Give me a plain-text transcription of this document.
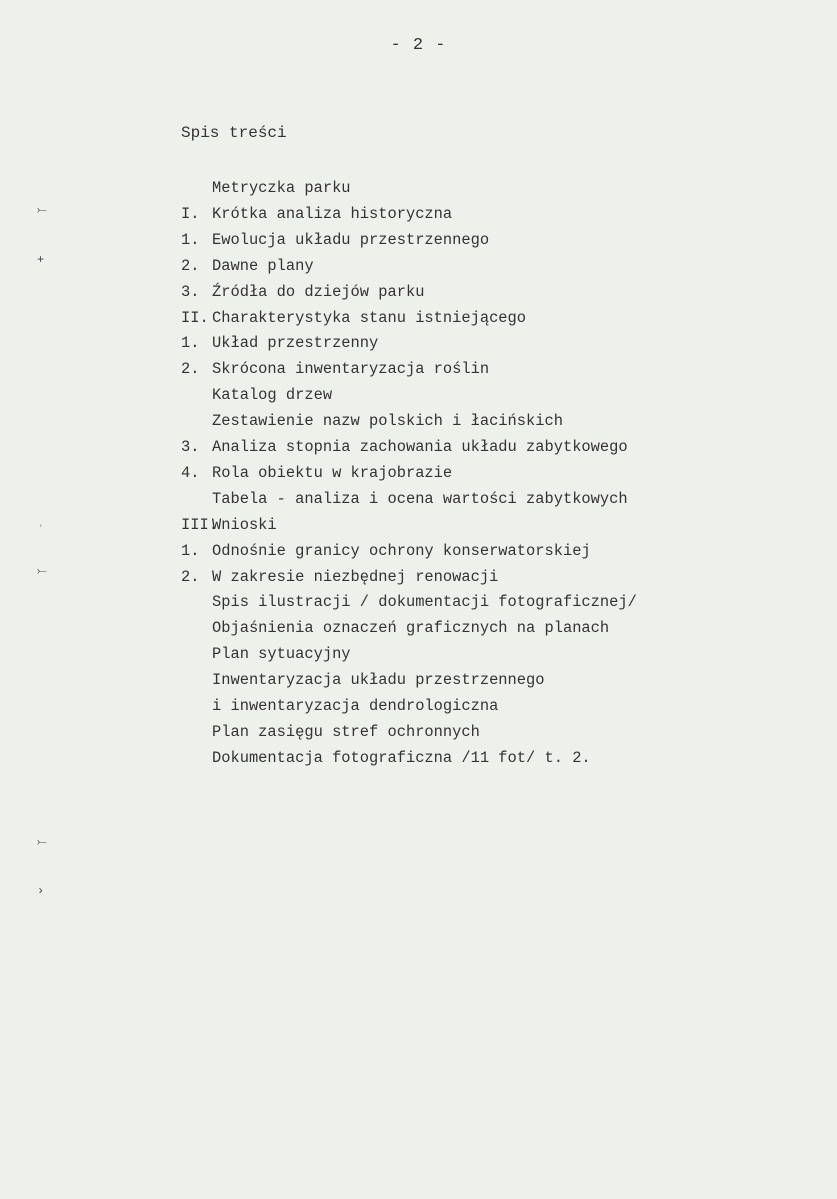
- 2 -
Spis treści
Metryczka parku
I. Krótka analiza historyczna
1. Ewolucja układu przestrzennego
2. Dawne plany
3. Źródła do dziejów parku
II. Charakterystyka stanu istniejącego
1. Układ przestrzenny
2. Skrócona inwentaryzacja roślin
Katalog drzew
Zestawienie nazw polskich i łacińskich
3. Analiza stopnia zachowania układu zabytkowego
4. Rola obiektu w krajobrazie
Tabela - analiza i ocena wartości zabytkowych
III.
Wnioski
1. Odnośnie granicy ochrony konserwatorskiej
2. W zakresie niezbędnej renowacji
Spis ilustracji / dokumentacji fotograficznej/
Objaśnienia oznaczeń graficznych na planach
Plan sytuacyjny
Inwentaryzacja układu przestrzennego
i inwentaryzacja dendrologiczna
Plan zasięgu stref ochronnych
Dokumentacja fotograficzna /11 fot/ t. 2.
⤚
+
˒
⤚
⤚
›
